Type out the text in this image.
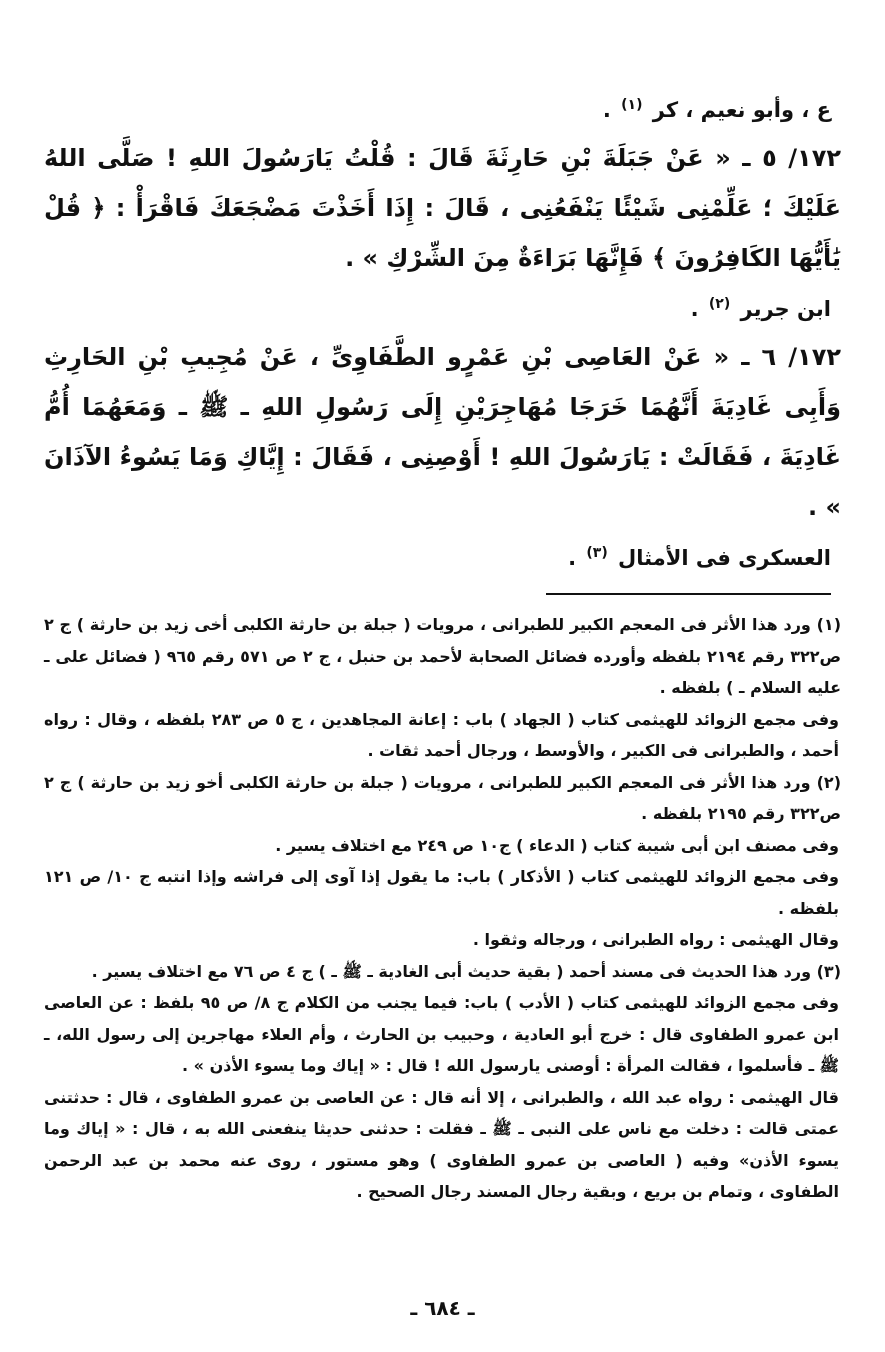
ع ، وأبو نعيم ، كر $^{(١)}$ .

١٧٢/ ٥ ـ « عَنْ جَبَلَةَ بْنِ حَارِثَةَ قَالَ : قُلْتُ يَارَسُولَ اللهِ ! صَلَّى اللهُ عَلَيْكَ ؛ عَلِّمْنِى شَيْئًا يَنْفَعُنِى ، قَالَ : إِذَا أَخَذْتَ مَضْجَعَكَ فَاقْرَأْ : ﴿ قُلْ يَٰأَيُّهَا الكَافِرُونَ ﴾ فَإِنَّهَا بَرَاءَةٌ مِنَ الشِّرْكِ » .

ابن جرير $^{(٢)}$ .

١٧٢/ ٦ ـ « عَنْ العَاصِى بْنِ عَمْرٍو الطَّفَاوِىِّ ، عَنْ مُجِيبِ بْنِ الحَارِثِ وَأَبِى غَادِيَةَ أَنَّهُمَا خَرَجَا مُهَاجِرَيْنِ إِلَى رَسُولِ اللهِ ـ ﷺ ـ وَمَعَهُمَا أُمُّ غَادِيَةَ ، فَقَالَتْ : يَارَسُولَ اللهِ ! أَوْصِنِى ، فَقَالَ : إِيَّاكِ وَمَا يَسُوءُ الآذَانَ » .

العسكرى فى الأمثال $^{(٣)}$ .

(١) ورد هذا الأثر فى المعجم الكبير للطبرانى ، مرويات ( جبلة بن حارثة الكلبى أخى زيد بن حارثة ) ج ٢ ص٣٢٢ رقم ٢١٩٤ بلفظه وأورده فضائل الصحابة لأحمد بن حنبل ، ج ٢ ص ٥٧١ رقم ٩٦٥ ( فضائل على ـ عليه السلام ـ ) بلفظه .

وفى مجمع الزوائد للهيثمى كتاب ( الجهاد ) باب : إعانة المجاهدين ، ج ٥ ص ٢٨٣ بلفظه ، وقال : رواه أحمد ، والطبرانى فى الكبير ، والأوسط ، ورجال أحمد ثقات .

(٢) ورد هذا الأثر فى المعجم الكبير للطبرانى ، مرويات ( جبلة بن حارثة الكلبى أخو زيد بن حارثة ) ج ٢ ص٣٢٢ رقم ٢١٩٥ بلفظه .

وفى مصنف ابن أبى شيبة كتاب ( الدعاء ) ج١٠ ص ٢٤٩ مع اختلاف يسير .

وفى مجمع الزوائد للهيثمى كتاب ( الأذكار ) باب: ما يقول إذا آوى إلى فراشه وإذا انتبه ج ١٠/ ص ١٢١ بلفظه .

وقال الهيثمى : رواه الطبرانى ، ورجاله وثقوا .

(٣) ورد هذا الحديث فى مسند أحمد ( بقية حديث أبى الغادية ـ ﷺ ـ ) ج ٤ ص ٧٦ مع اختلاف يسير .

وفى مجمع الزوائد للهيثمى كتاب ( الأدب ) باب: فيما يجنب من الكلام ج ٨/ ص ٩٥ بلفظ : عن العاصى ابن عمرو الطفاوى قال : خرج أبو العادية ، وحبيب بن الحارث ، وأم العلاء مهاجرين إلى رسول الله، ـ ﷺ ـ فأسلموا ، فقالت المرأة : أوصنى يارسول الله ! قال : « إياك وما يسوء الأذن » .

قال الهيثمى : رواه عبد الله ، والطبرانى ، إلا أنه قال : عن العاصى بن عمرو الطفاوى ، قال : حدثتنى عمتى قالت : دخلت مع ناس على النبى ـ ﷺ ـ فقلت : حدثنى حديثا ينفعنى الله به ، قال : « إياك وما يسوء الأذن» وفيه ( العاصى بن عمرو الطفاوى ) وهو مستور ، روى عنه محمد بن عبد الرحمن الطفاوى ، وتمام بن بريع ، وبقية رجال المسند رجال الصحيح .

ـ ٦٨٤ ـ
